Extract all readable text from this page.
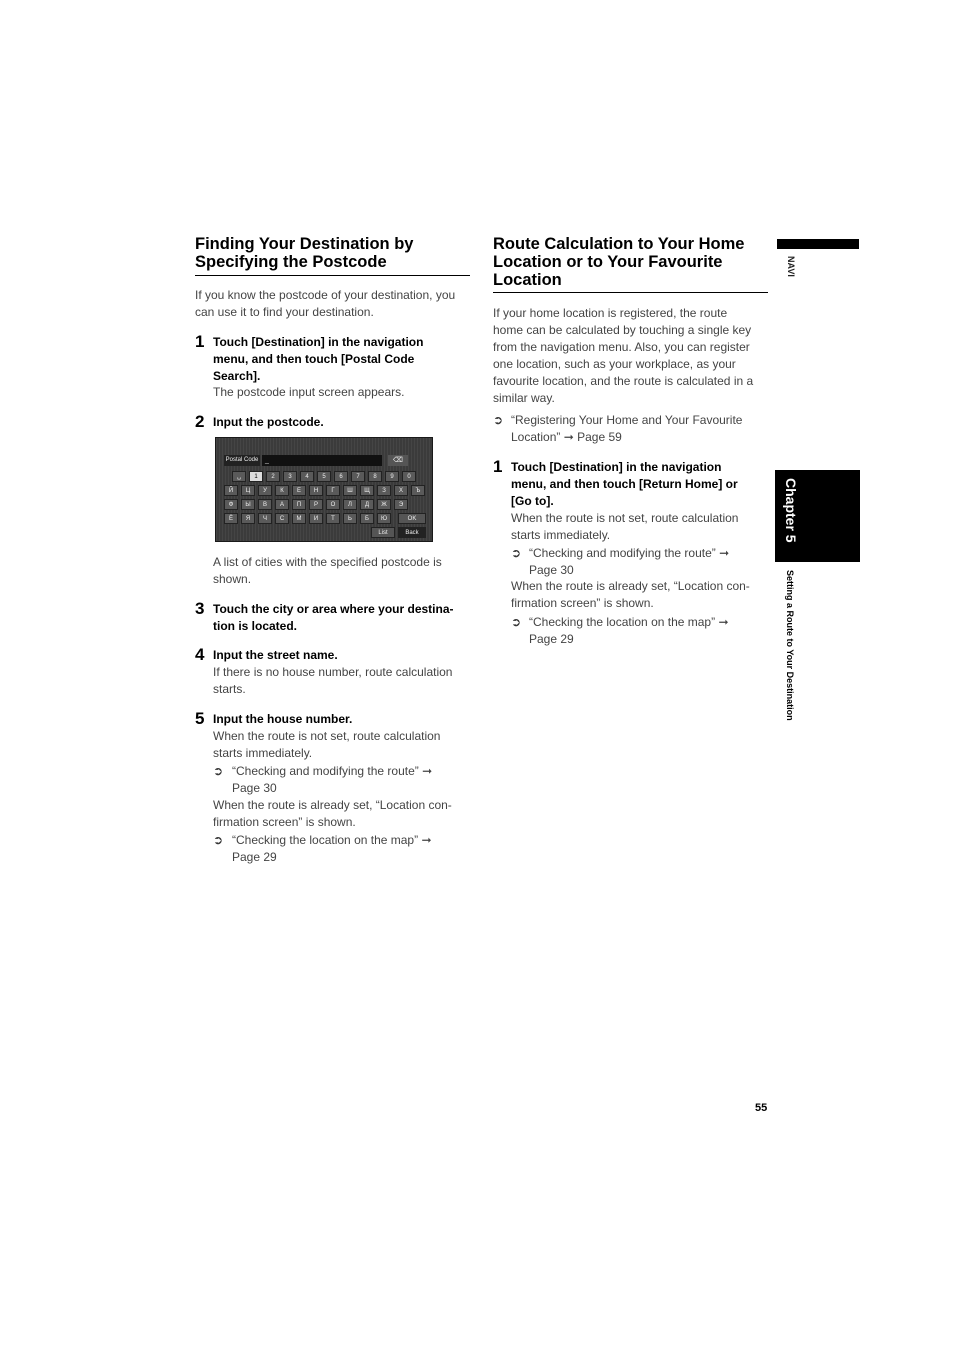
Finding Your Destination by
Specifying the Postcode
If you know the postcode of your destination, you
can use it to find your destination.
1 Touch [Destination] in the navigation
menu, and then touch [Postal Code
Search].
The postcode input screen appears.
2 Input the postcode.
Postal Code _	⌫
␣	1	2	3	4	5	6	7	8	9	0
Й	Ц	У	К	Е	Н	Г	Ш	Щ	З	Х	Ъ
Ф	Ы	В	А	П	Р	О	Л	Д	Ж	Э
Ё	Я	Ч	С	М	И	Т	Ь	Б	Ю	OK
List	Back
A list of cities with the specified postcode is
shown.
3 Touch the city or area where your destina-
tion is located.
4 Input the street name.
If there is no house number, route calculation
starts.
5 Input the house number.
When the route is not set, route calculation
starts immediately.
➲ “Checking and modifying the route” ➞
Page 30
When the route is already set, “Location con-
firmation screen” is shown.
➲ “Checking the location on the map” ➞
Page 29
Route Calculation to Your Home
Location or to Your Favourite
Location
If your home location is registered, the route
home can be calculated by touching a single key
from the navigation menu. Also, you can register
one location, such as your workplace, as your
favourite location, and the route is calculated in a
similar way.
➲ “Registering Your Home and Your Favourite
Location” ➞ Page 59
1 Touch [Destination] in the navigation
menu, and then touch [Return Home] or
[Go to].
When the route is not set, route calculation
starts immediately.
➲ “Checking and modifying the route” ➞
Page 30
When the route is already set, “Location con-
firmation screen” is shown.
➲ “Checking the location on the map” ➞
Page 29
NAVI
Chapter 5
Setting a Route to Your Destination
55
